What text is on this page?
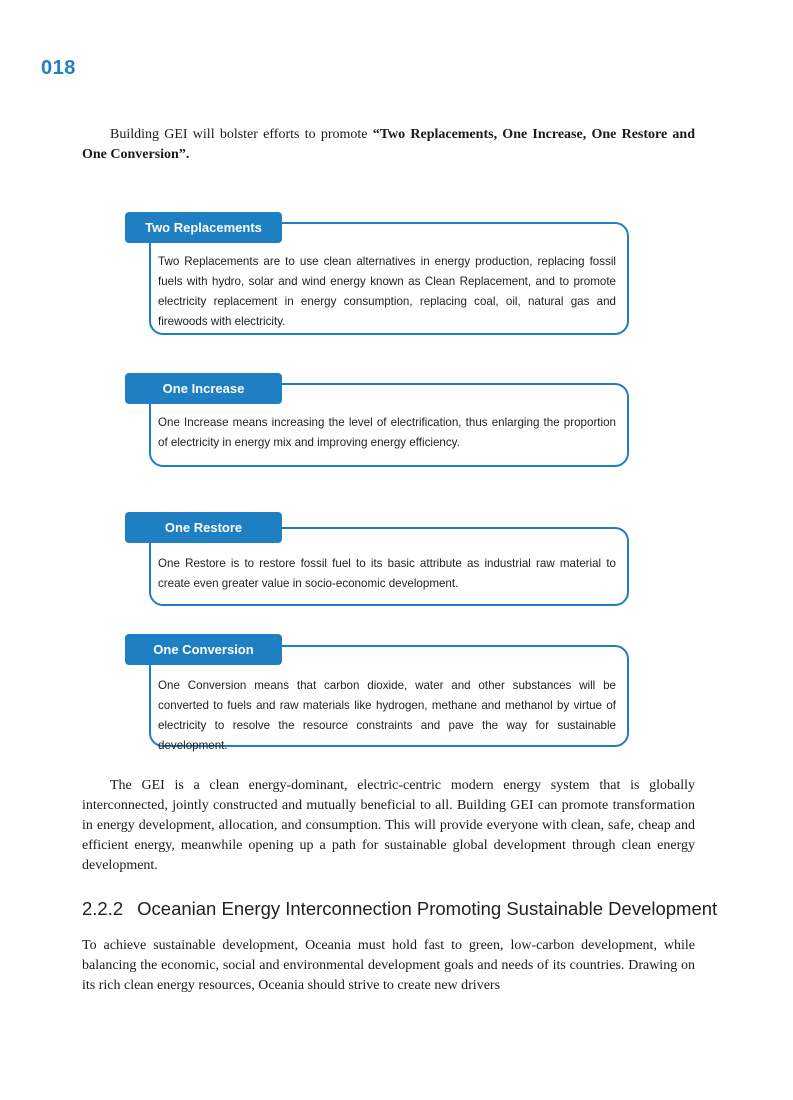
018

Building GEI will bolster efforts to promote “Two Replacements, One Increase, One Restore and One Conversion”.

Two Replacements are to use clean alternatives in energy production, replacing fossil fuels with hydro, solar and wind energy known as Clean Replacement, and to promote electricity replacement in energy consumption, replacing coal, oil, natural gas and firewoods with electricity.

Two Replacements

One Increase means increasing the level of electrification, thus enlarging the proportion of electricity in energy mix and improving energy efficiency.

One Increase

One Restore is to restore fossil fuel to its basic attribute as industrial raw material to create even greater value in socio-economic development.

One Restore

One Conversion means that carbon dioxide, water and other substances will be converted to fuels and raw materials like hydrogen, methane and methanol by virtue of electricity to resolve the resource constraints and pave the way for sustainable development.

One Conversion

The GEI is a clean energy-dominant, electric-centric modern energy system that is globally interconnected, jointly constructed and mutually beneficial to all. Building GEI can promote transformation in energy development, allocation, and consumption. This will provide everyone with clean, safe, cheap and efficient energy, meanwhile opening up a path for sustainable global development through clean energy development.

2.2.2 Oceanian Energy Interconnection Promoting Sustainable Development

To achieve sustainable development, Oceania must hold fast to green, low-carbon development, while balancing the economic, social and environmental development goals and needs of its countries. Drawing on its rich clean energy resources, Oceania should strive to create new drivers
